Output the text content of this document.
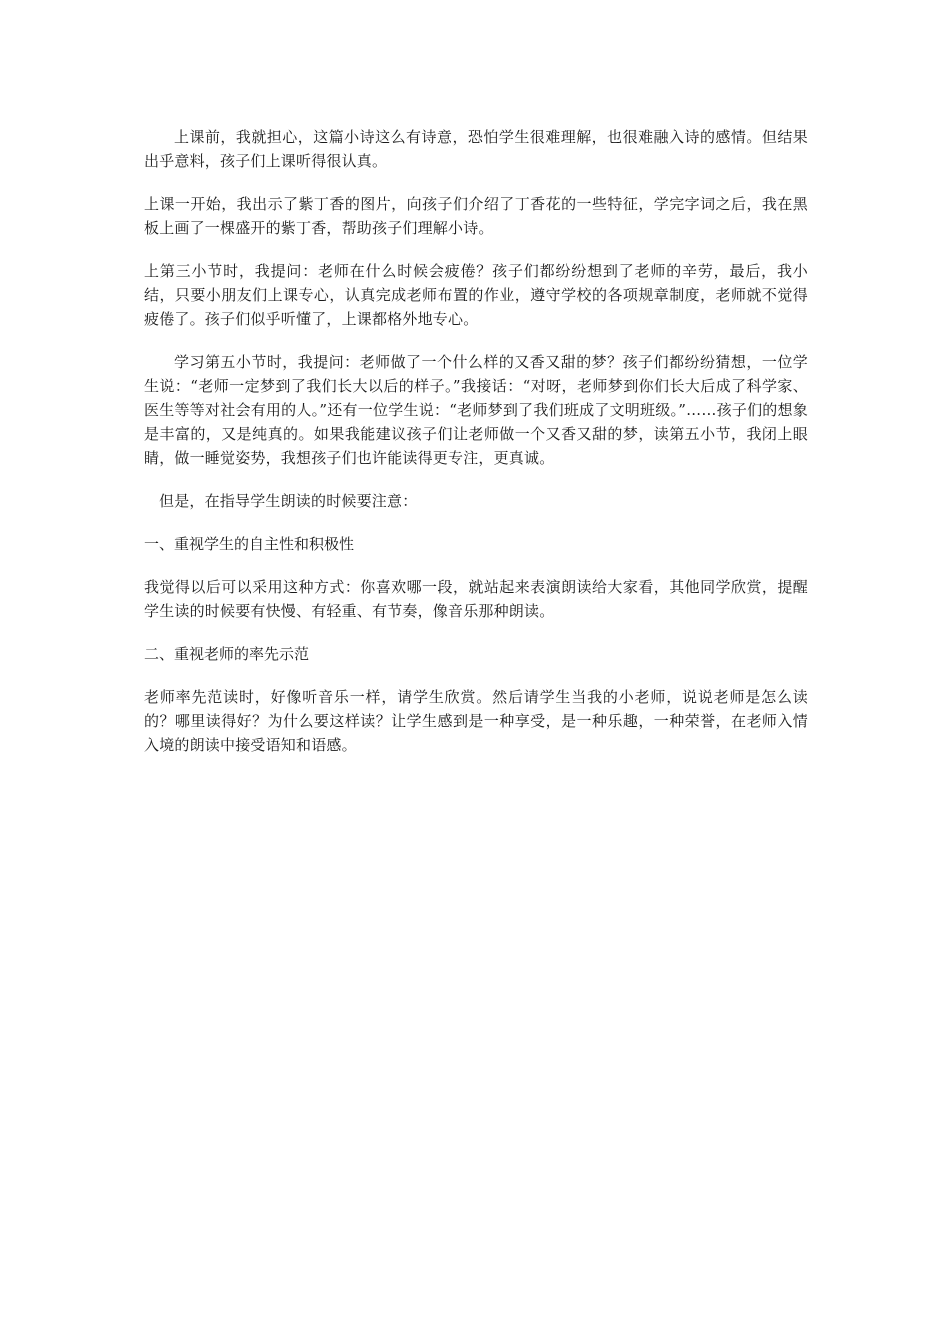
上课前，我就担心，这篇小诗这么有诗意，恐怕学生很难理解，也很难融入诗的感情。但结果出乎意料，孩子们上课听得很认真。

上课一开始，我出示了紫丁香的图片，向孩子们介绍了丁香花的一些特征，学完字词之后，我在黑板上画了一棵盛开的紫丁香，帮助孩子们理解小诗。

上第三小节时，我提问：老师在什么时候会疲倦？孩子们都纷纷想到了老师的辛劳，最后，我小结，只要小朋友们上课专心，认真完成老师布置的作业，遵守学校的各项规章制度，老师就不觉得疲倦了。孩子们似乎听懂了，上课都格外地专心。

学习第五小节时，我提问：老师做了一个什么样的又香又甜的梦？孩子们都纷纷猜想，一位学生说：“老师一定梦到了我们长大以后的样子。”我接话：“对呀，老师梦到你们长大后成了科学家、医生等等对社会有用的人。”还有一位学生说：“老师梦到了我们班成了文明班级。”……孩子们的想象是丰富的，又是纯真的。如果我能建议孩子们让老师做一个又香又甜的梦，读第五小节，我闭上眼睛，做一睡觉姿势，我想孩子们也许能读得更专注，更真诚。

但是，在指导学生朗读的时候要注意：

一、重视学生的自主性和积极性

我觉得以后可以采用这种方式：你喜欢哪一段，就站起来表演朗读给大家看，其他同学欣赏，提醒学生读的时候要有快慢、有轻重、有节奏，像音乐那种朗读。

二、重视老师的率先示范

老师率先范读时，好像听音乐一样，请学生欣赏。然后请学生当我的小老师，说说老师是怎么读的？哪里读得好？为什么要这样读？让学生感到是一种享受，是一种乐趣，一种荣誉，在老师入情入境的朗读中接受语知和语感。
